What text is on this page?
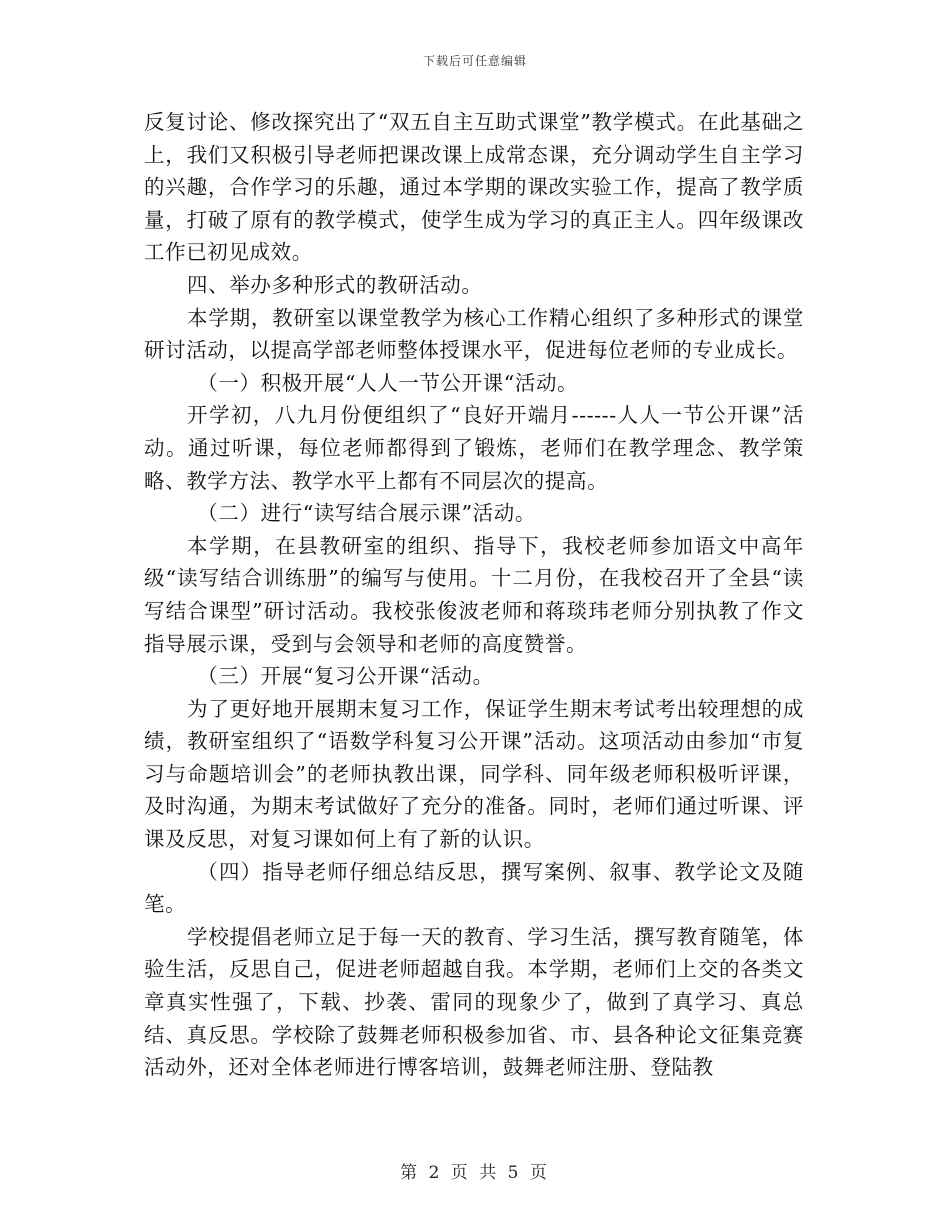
下载后可任意编辑

反复讨论、修改探究出了“双五自主互助式课堂”教学模式。在此基础之上，我们又积极引导老师把课改课上成常态课，充分调动学生自主学习的兴趣，合作学习的乐趣，通过本学期的课改实验工作，提高了教学质量，打破了原有的教学模式，使学生成为学习的真正主人。四年级课改工作已初见成效。

四、举办多种形式的教研活动。

本学期，教研室以课堂教学为核心工作精心组织了多种形式的课堂研讨活动，以提高学部老师整体授课水平，促进每位老师的专业成长。

（一）积极开展“人人一节公开课“活动。

开学初，八九月份便组织了“良好开端月------人人一节公开课”活动。通过听课，每位老师都得到了锻炼，老师们在教学理念、教学策略、教学方法、教学水平上都有不同层次的提高。

（二）进行“读写结合展示课”活动。

本学期，在县教研室的组织、指导下，我校老师参加语文中高年级“读写结合训练册”的编写与使用。十二月份，在我校召开了全县“读写结合课型”研讨活动。我校张俊波老师和蒋琰玮老师分别执教了作文指导展示课，受到与会领导和老师的高度赞誉。

（三）开展“复习公开课“活动。

为了更好地开展期末复习工作，保证学生期末考试考出较理想的成绩，教研室组织了“语数学科复习公开课”活动。这项活动由参加“市复习与命题培训会”的老师执教出课，同学科、同年级老师积极听评课，及时沟通，为期末考试做好了充分的准备。同时，老师们通过听课、评课及反思，对复习课如何上有了新的认识。

（四）指导老师仔细总结反思，撰写案例、叙事、教学论文及随笔。

学校提倡老师立足于每一天的教育、学习生活，撰写教育随笔，体验生活，反思自己，促进老师超越自我。本学期，老师们上交的各类文章真实性强了，下载、抄袭、雷同的现象少了，做到了真学习、真总结、真反思。学校除了鼓舞老师积极参加省、市、县各种论文征集竞赛活动外，还对全体老师进行博客培训，鼓舞老师注册、登陆教

第 2 页 共 5 页
